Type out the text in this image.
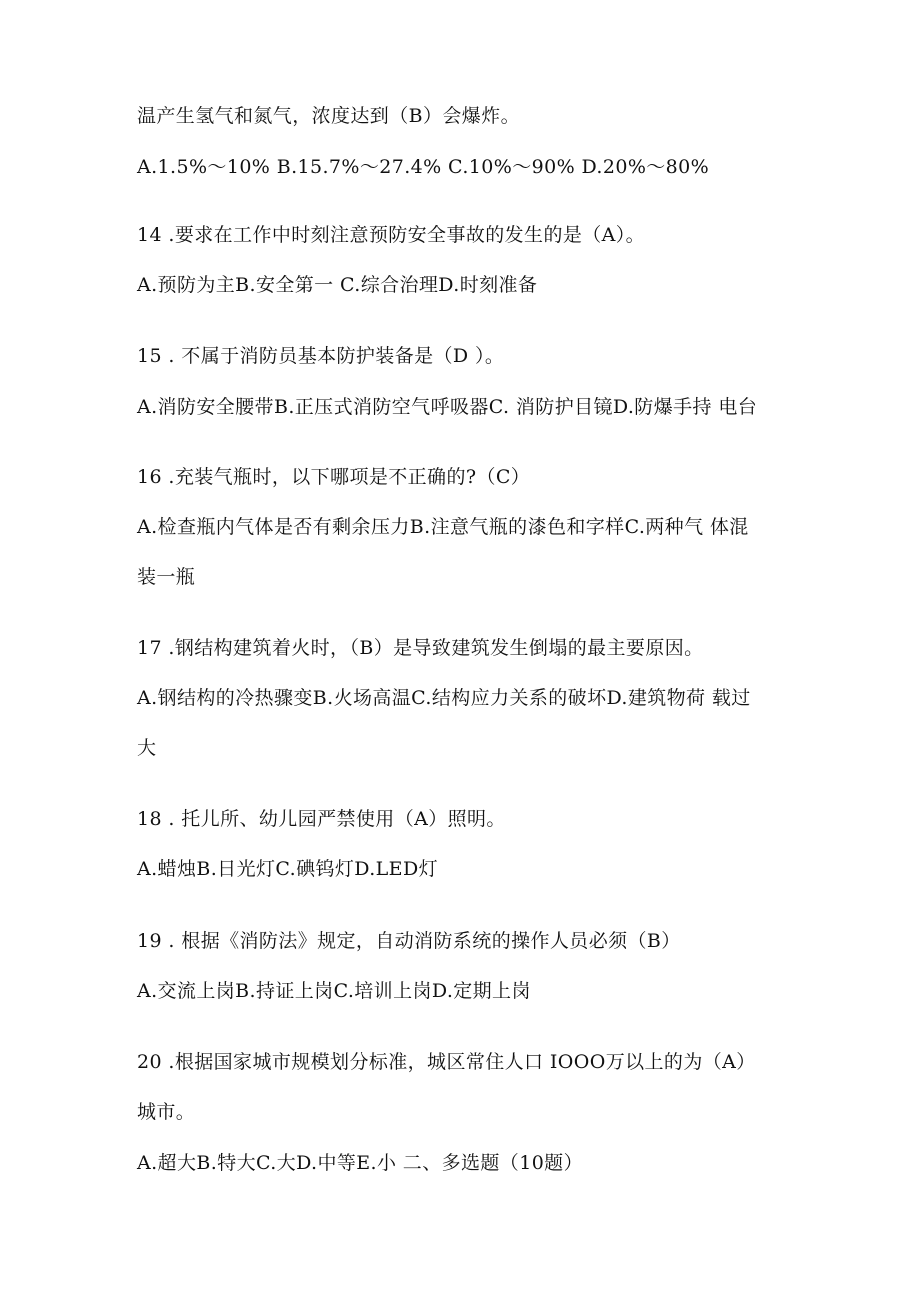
温产生氢气和氮气，浓度达到（B）会爆炸。
A.1.5%～10% B.15.7%～27.4% C.10%～90% D.20%～80%
14 .要求在工作中时刻注意预防安全事故的发生的是（A）。
A.预防为主B.安全第一 C.综合治理D.时刻准备
15 . 不属于消防员基本防护装备是（D ）。
A.消防安全腰带B.正压式消防空气呼吸器C. 消防护目镜D.防爆手持 电台
16 .充装气瓶时，以下哪项是不正确的?（C）
A.检查瓶内气体是否有剩余压力B.注意气瓶的漆色和字样C.两种气 体混
装一瓶
17 .钢结构建筑着火时，（B）是导致建筑发生倒塌的最主要原因。
A.钢结构的冷热骤变B.火场高温C.结构应力关系的破坏D.建筑物荷 载过
大
18 . 托儿所、幼儿园严禁使用（A）照明。
A.蜡烛B.日光灯C.碘钨灯D.LED灯
19 . 根据《消防法》规定，自动消防系统的操作人员必须（B）
A.交流上岗B.持证上岗C.培训上岗D.定期上岗
20 .根据国家城市规模划分标准，城区常住人口 IOOO万以上的为（A）
城市。
A.超大B.特大C.大D.中等E.小 二、多选题（10题）
